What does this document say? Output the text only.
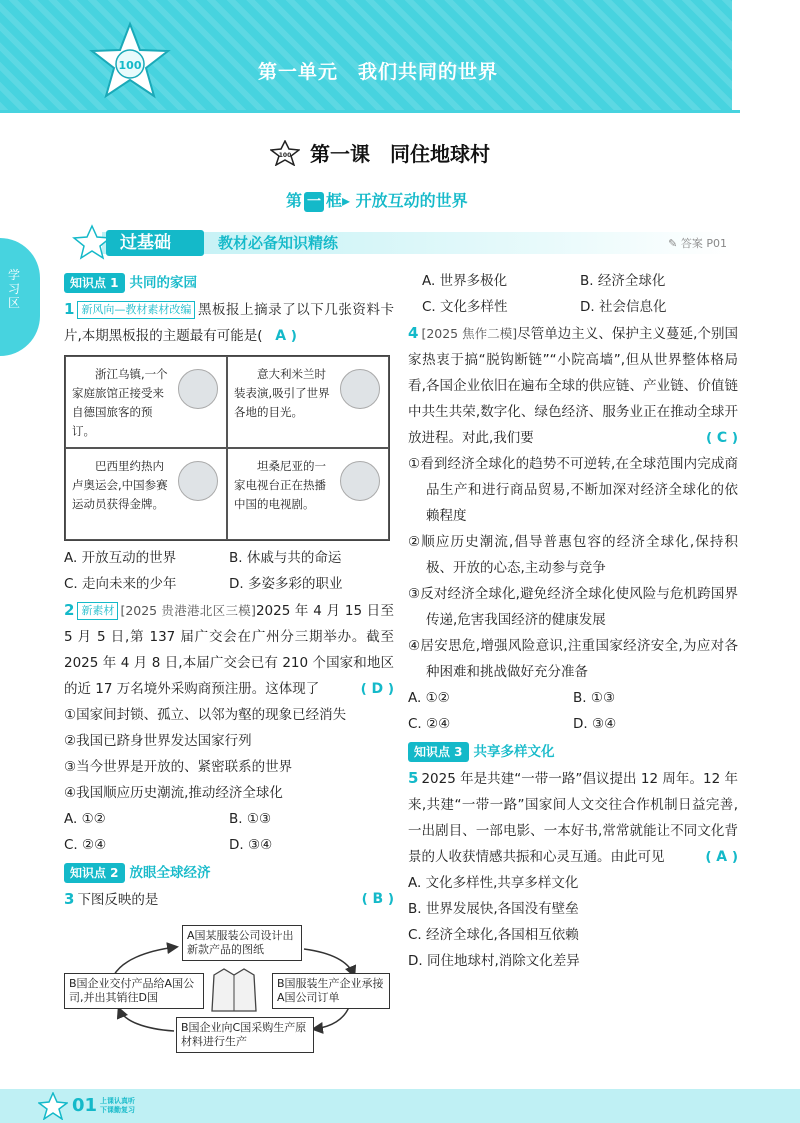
100	第一单元　我们共同的世界
100 第一课　同住地球村
第 一 框▸ 开放互动的世界
学习区
过基础	教材必备知识精练	✎ 答案 P01
知识点 1 共同的家园
1 新风向—教材素材改编 黑板报上摘录了以下几张资料卡片,本期黑板报的主题最有可能是( A )
浙江乌镇,一个家庭旅馆正接受来自德国旅客的预订。
意大利米兰时装表演,吸引了世界各地的目光。
巴西里约热内卢奥运会,中国参赛运动员获得金牌。
坦桑尼亚的一家电视台正在热播中国的电视剧。
A. 开放互动的世界	B. 休戚与共的命运
C. 走向未来的少年	D. 多姿多彩的职业
2 新素材 [2025 贵港港北区三模]2025 年 4 月 15 日至 5 月 5 日,第 137 届广交会在广州分三期举办。截至 2025 年 4 月 8 日,本届广交会已有 210 个国家和地区的近 17 万名境外采购商预注册。这体现了	( D )
①国家间封锁、孤立、以邻为壑的现象已经消失
②我国已跻身世界发达国家行列
③当今世界是开放的、紧密联系的世界
④我国顺应历史潮流,推动经济全球化
A. ①②	B. ①③
C. ②④	D. ③④
知识点 2 放眼全球经济
3 下图反映的是	( B )
A国某服装公司设计出新款产品的图纸
B国服装生产企业承接A国公司订单
B国企业向C国采购生产原材料进行生产
B国企业交付产品给A国公司,并出其销往D国
A. 世界多极化	B. 经济全球化
C. 文化多样性	D. 社会信息化
4 [2025 焦作二模]尽管单边主义、保护主义蔓延,个别国家热衷于搞“脱钩断链”“小院高墙”,但从世界整体格局看,各国企业依旧在遍布全球的供应链、产业链、价值链中共生共荣,数字化、绿色经济、服务业正在推动全球开放进程。对此,我们要	( C )
①看到经济全球化的趋势不可逆转,在全球范围内完成商品生产和进行商品贸易,不断加深对经济全球化的依赖程度
②顺应历史潮流,倡导普惠包容的经济全球化,保持积极、开放的心态,主动参与竞争
③反对经济全球化,避免经济全球化使风险与危机跨国界传递,危害我国经济的健康发展
④居安思危,增强风险意识,注重国家经济安全,为应对各种困难和挑战做好充分准备
A. ①②	B. ①③
C. ②④	D. ③④
知识点 3 共享多样文化
5 2025 年是共建“一带一路”倡议提出 12 周年。12 年来,共建“一带一路”国家间人文交往合作机制日益完善,一出剧目、一部电影、一本好书,常常就能让不同文化背景的人收获情感共振和心灵互通。由此可见	( A )
A. 文化多样性,共享多样文化
B. 世界发展快,各国没有壁垒
C. 经济全球化,各国相互依赖
D. 同住地球村,消除文化差异
01 上课认真听
下课勤复习
